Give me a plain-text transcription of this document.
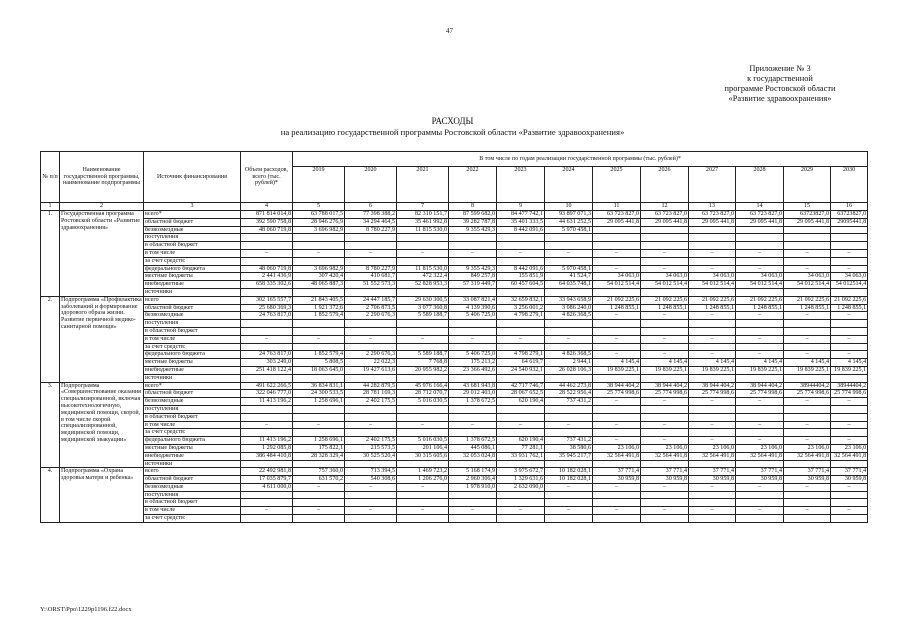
47
Приложение № 3
к государственной
программе Ростовской области
«Развитие здравоохранения»
РАСХОДЫ
на реализацию государственной программы Ростовской области «Развитие здравоохранения»
№ п/п	Наименование государственной программы, наименование подпрограммы	Источник финансирования	Объем расходов, всего (тыс. рублей)*	В том числе по годам реализации государственной программы (тыс. рублей)*											
				2019	2020	2021	2022	2023	2024	2025	2026	2027	2028	2029	2030
1	2	3	4	5	6	7	8	9	10	11	12	13	14	15	16
1.	Государственная программа Ростовской области «Развитие здравоохранения»	всего*	871 814 014,8	63 788 017,5	77 398 388,2	82 310 151,7	87 599 682,0	84 477 742,1	93 897 071,3	63 723 827,0	63 723 827,0	63 723 827,0	63 723 827,0	63723827,0	63723827,0
		областной бюджет	392 590 758,8	28 946 276,9	34 294 464,5	35 461 992,8	39 282 787,8	35 401 333,5	44 631 252,5	29 095 441,8	29 095 441,8	29 095 441,8	29 095 441,8	29 095 441,8	29095441,8
		безвозмездные	48 060 719,8	3 696 982,9	8 780 227,9	11 815 530,0	9 355 429,3	8 442 091,6	5 970 458,1						
		поступления													
		в областной бюджет													
		в том числе	–	–	–	–	–	–	–	–	–	–	–	–	–
		за счет средств:													
		федерального бюджета	48 060 719,8	3 696 982,9	8 780 227,9	11 815 530,0	9 355 429,3	8 442 091,6	5 970 458,1	–	–	–	–	–	–
		местные бюджеты	2 441 436,9	307 420,4	410 681,7	472 322,4	849 257,8	155 851,9	41 524,7	34 063,0	34 063,0	34 063,0	34 063,0	34 063,0	34 063,0
		внебюджетные	658 335 302,6	48 065 887,3	51 552 573,3	52 828 953,3	57 319 449,7	60 457 604,5	64 035 748,1	54 012 514,4	54 012 514,4	54 012 514,4	54 012 514,4	54 012 514,4	54 012514,4
		источники													
2.	Подпрограмма «Профилактика заболеваний и формирование здорового образа жизни. Развитие первичной медико-санитарной помощи»	всего	302 165 557,7	21 843 405,5	24 447 185,7	29 630 300,5	33 087 821,4	32 659 832,1	33 943 658,9	21 092 225,6	21 092 225,6	21 092 225,6	21 092 225,6	21 092 225,6	21 092 225,6
		областной бюджет	25 680 369,3	1 921 372,6	2 706 873,5	3 077 360,8	4 139 390,6	3 256 001,2	3 086 240,0	1 248 855,1	1 248 855,1	1 248 855,1	1 248 855,1	1 248 855,1	1 248 855,1
		безвозмездные	24 763 817,0	1 852 579,4	2 290 676,3	5 589 188,7	5 406 725,0	4 798 279,1	4 826 368,5	–	–	–	–	–	–
		поступления													
		в областной бюджет													
		в том числе	–	–	–	–	–	–	–	–	–	–	–	–	–
		за счет средств:													
		федерального бюджета	24 763 817,0	1 852 579,4	2 290 676,3	5 589 188,7	5 406 725,0	4 798 279,1	4 826 368,5	–	–	–	–	–	–
		местные бюджеты	303 249,0	5 808,5	22 022,3	7 768,8	175 213,2	64 619,7	2 944,1	4 145,4	4 145,4	4 145,4	4 145,4	4 145,4	4 145,4
		внебюджетные	251 418 122,4	18 063 645,0	19 427 613,6	20 955 982,2	23 366 492,6	24 540 932,1	26 028 106,3	19 839 225,1	19 839 225,1	19 839 225,1	19 839 225,1	19 839 225,1	19 839 225,1
		источники													
3.	Подпрограмма «Совершенствование оказания специализированной, включая высокотехнологичную, медицинской помощи, скорой, в том числе скорой специализированной, медицинской помощи, медицинской эвакуации»	всего*	491 622 266,5	36 834 831,1	44 282 879,5	45 976 166,4	43 681 943,8	42 717 746,7	44 462 273,8	38 944 404,2	38 944 404,2	38 944 404,2	38 944 404,2	38944404,2	38944404,2
		областной бюджет	322 046 777,0	24 300 533,5	28 781 169,3	28 712 070,7	29 012 403,0	28 067 652,5	28 522 956,4	25 774 998,6	25 774 998,6	25 774 998,6	25 774 998,6	25 774 998,6	25 774 998,6
		безвозмездные	11 413 196,2	1 258 696,1	2 402 175,5	5 016 030,5	1 378 672,5	620 190,4	737 431,2	–	–	–	–	–	–
		поступления													
		в областной бюджет													
		в том числе	–	–	–	–	–	–	–	–	–	–	–	–	–
		за счет средств:													
		федерального бюджета	11 413 196,2	1 258 696,1	2 402 175,5	5 016 030,5	1 378 672,5	620 190,4	737 431,2	–	–	–	–	–	–
		местные бюджеты	1 292 085,8	175 822,1	215 573,5	201 106,4	445 086,1	77 281,1	38 580,6	23 106,0	23 106,0	23 106,0	23 106,0	23 106,0	23 106,0
		внебюджетные	386 484 410,8	28 328 329,4	30 525 520,4	30 315 605,6	32 053 024,8	33 931 762,1	35 945 217,7	32 564 491,8	32 564 491,8	32 564 491,8	32 564 491,8	32 564 491,8	32 564 491,8
		источники													
4.	Подпрограмма «Охрана здоровья матери и ребенка»	всего	22 492 981,8	757 360,0	713 394,5	1 469 723,2	5 168 174,9	3 975 672,7	10 182 028,1	37 771,4	37 771,4	37 771,4	37 771,4	37 771,4	37 771,4
		областной бюджет	17 035 879,7	631 570,2	540 308,6	1 206 276,0	2 960 306,4	1 329 631,6	10 182 028,1	30 959,8	30 959,8	30 959,8	30 959,8	30 959,8	30 959,8
		безвозмездные	4 611 000,0	–	–	–	1 978 910,0	2 632 090,0	–	–	–	–	–	–	–
		поступления													
		в областной бюджет													
		в том числе	–	–	–	–	–	–	–	–	–	–	–	–	–
		за счет средств:													
Y:\ORST\Ppo\1229p1196.f22.docx
